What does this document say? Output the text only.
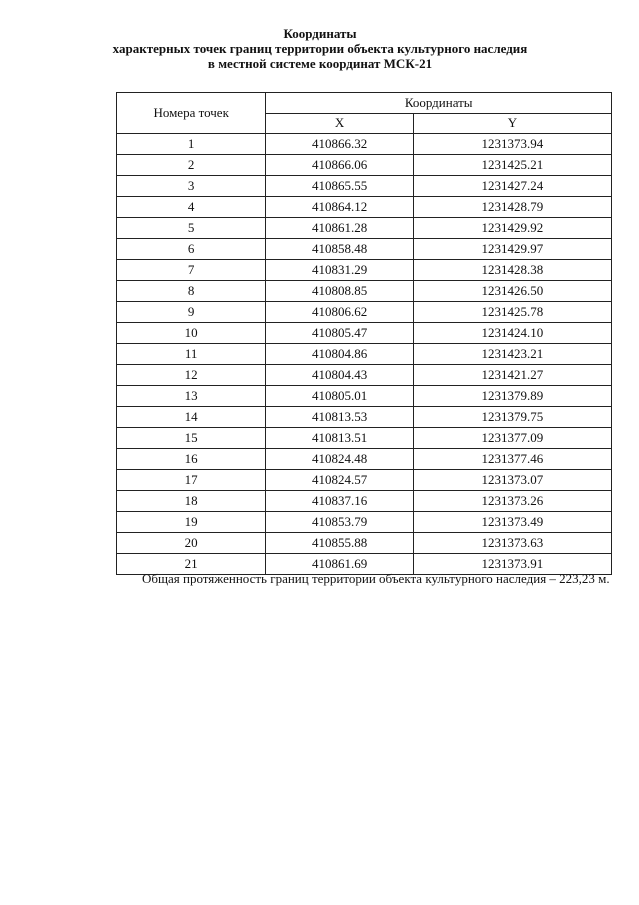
Координаты
характерных точек границ территории объекта культурного наследия
в местной системе координат МСК-21
Номера точек	Координаты	
	X	Y
1	410866.32	1231373.94
2	410866.06	1231425.21
3	410865.55	1231427.24
4	410864.12	1231428.79
5	410861.28	1231429.92
6	410858.48	1231429.97
7	410831.29	1231428.38
8	410808.85	1231426.50
9	410806.62	1231425.78
10	410805.47	1231424.10
11	410804.86	1231423.21
12	410804.43	1231421.27
13	410805.01	1231379.89
14	410813.53	1231379.75
15	410813.51	1231377.09
16	410824.48	1231377.46
17	410824.57	1231373.07
18	410837.16	1231373.26
19	410853.79	1231373.49
20	410855.88	1231373.63
21	410861.69	1231373.91
Общая протяженность границ территории объекта культурного наследия – 223,23 м.
